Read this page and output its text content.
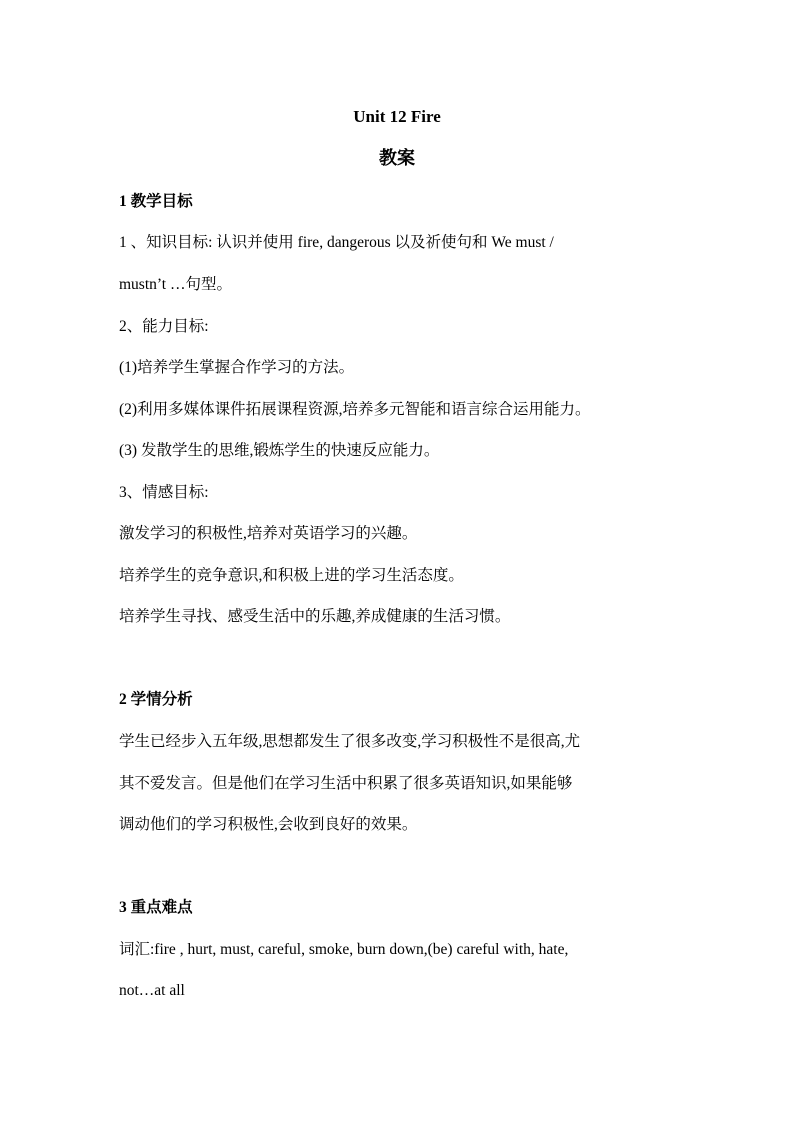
Unit 12 Fire
教案
1 教学目标
1 、知识目标: 认识并使用 fire, dangerous 以及祈使句和 We must /
mustn’t …句型。
2、能力目标:
(1)培养学生掌握合作学习的方法。
(2)利用多媒体课件拓展课程资源,培养多元智能和语言综合运用能力。
(3) 发散学生的思维,锻炼学生的快速反应能力。
3、情感目标:
激发学习的积极性,培养对英语学习的兴趣。
培养学生的竞争意识,和积极上进的学习生活态度。
培养学生寻找、感受生活中的乐趣,养成健康的生活习惯。
2 学情分析
学生已经步入五年级,思想都发生了很多改变,学习积极性不是很高,尤
其不爱发言。但是他们在学习生活中积累了很多英语知识,如果能够
调动他们的学习积极性,会收到良好的效果。
3 重点难点
词汇:fire , hurt, must, careful, smoke, burn down,(be) careful with, hate,
not…at all
